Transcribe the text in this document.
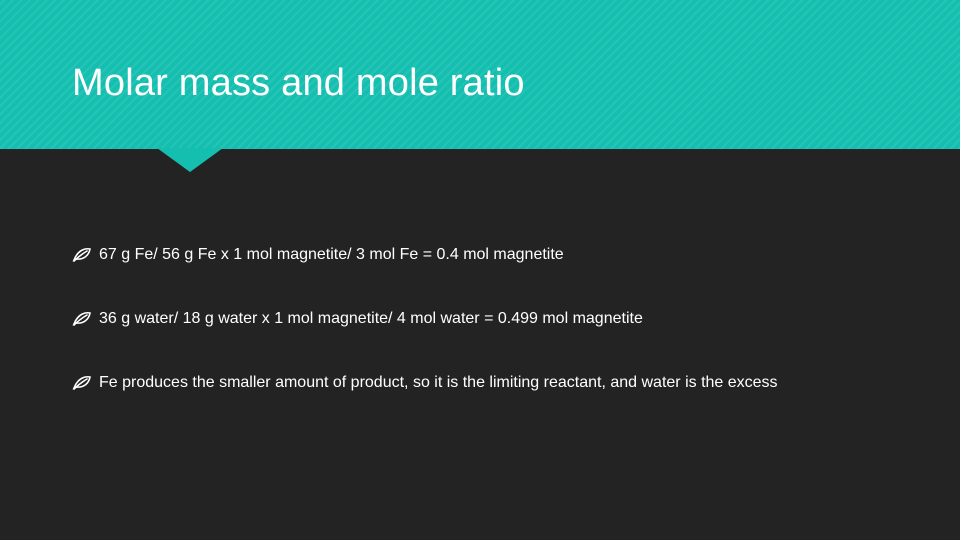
Molar mass and mole ratio
67 g Fe/ 56 g Fe x 1 mol magnetite/ 3 mol Fe = 0.4 mol magnetite
36 g water/ 18 g water x 1 mol magnetite/ 4 mol water = 0.499 mol magnetite
Fe produces the smaller amount of product, so it is the limiting reactant, and water is the excess
